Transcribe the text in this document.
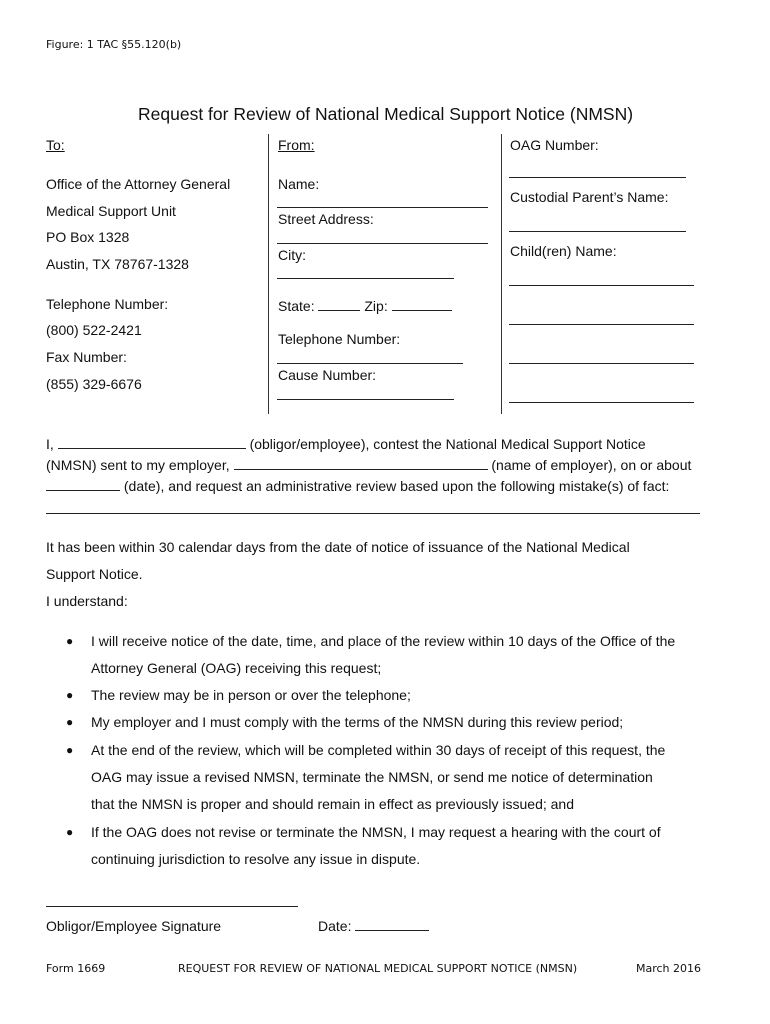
Figure: 1 TAC §55.120(b)
Request for Review of National Medical Support Notice (NMSN)
To:
Office of the Attorney General
Medical Support Unit
PO Box 1328
Austin, TX 78767-1328
Telephone Number:
(800) 522-2421
Fax Number:
(855) 329-6676
From:
Name:
Street Address:
City:
State:	Zip:
Telephone Number:
Cause Number:
OAG Number:
Custodial Parent’s Name:
Child(ren) Name:
I,	(obligor/employee), contest the National Medical Support Notice
(NMSN) sent to my employer,	(name of employer), on or about
(date), and request an administrative review based upon the following mistake(s) of fact:
It has been within 30 calendar days from the date of notice of issuance of the National Medical
Support Notice.
I understand:
● I will receive notice of the date, time, and place of the review within 10 days of the Office of the
Attorney General (OAG) receiving this request;
● The review may be in person or over the telephone;
● My employer and I must comply with the terms of the NMSN during this review period;
● At the end of the review, which will be completed within 30 days of receipt of this request, the
OAG may issue a revised NMSN, terminate the NMSN, or send me notice of determination
that the NMSN is proper and should remain in effect as previously issued; and
● If the OAG does not revise or terminate the NMSN, I may request a hearing with the court of
continuing jurisdiction to resolve any issue in dispute.
Obligor/Employee Signature	Date:
Form 1669	REQUEST FOR REVIEW OF NATIONAL MEDICAL SUPPORT NOTICE (NMSN)	March 2016
